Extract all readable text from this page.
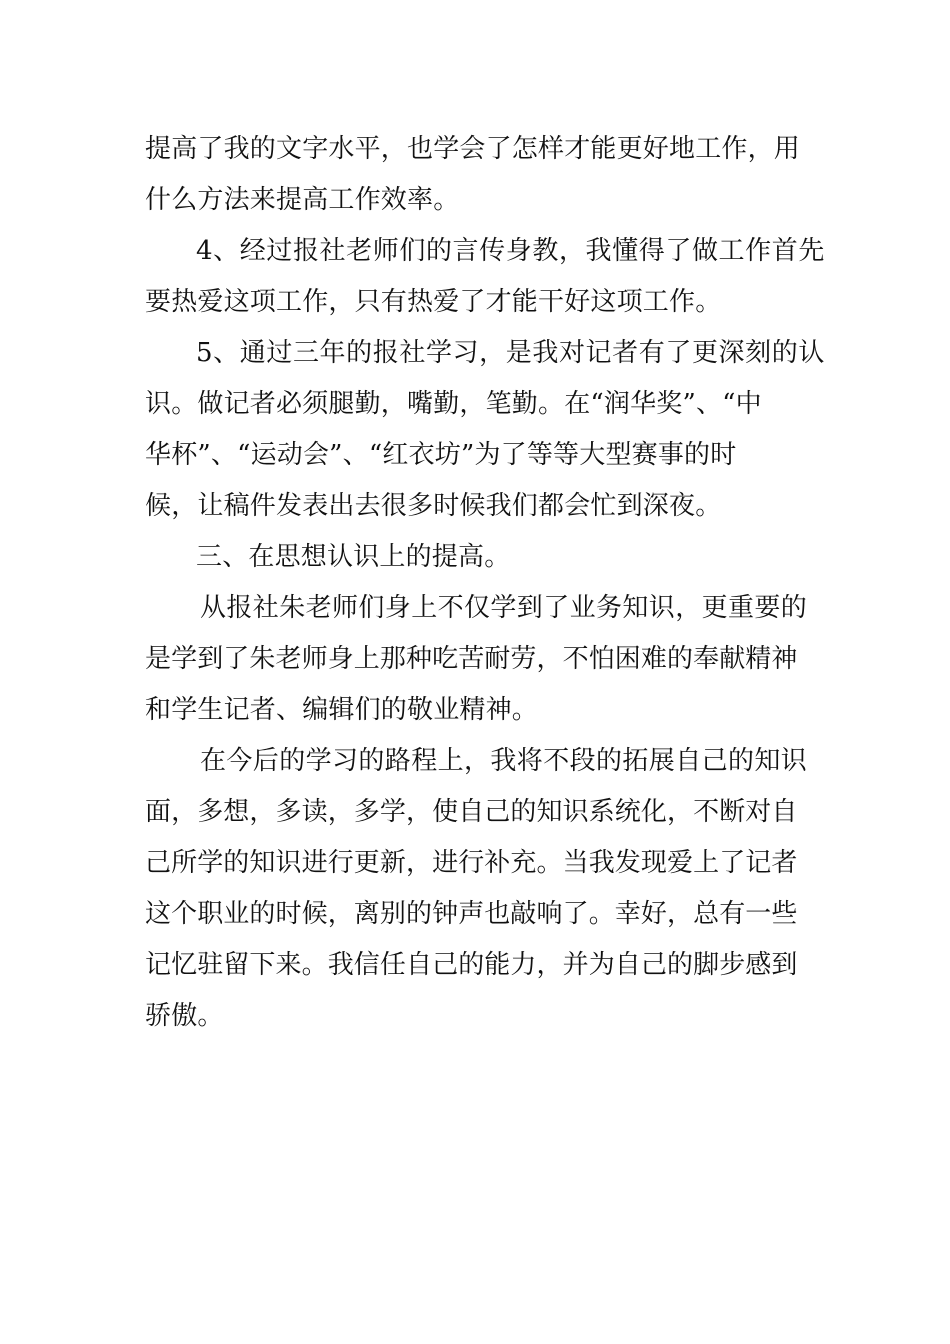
提高了我的文字水平，也学会了怎样才能更好地工作，用
什么方法来提高工作效率。
4、经过报社老师们的言传身教，我懂得了做工作首先
要热爱这项工作，只有热爱了才能干好这项工作。
5、通过三年的报社学习，是我对记者有了更深刻的认
识。做记者必须腿勤，嘴勤，笔勤。在“润华奖”、“中
华杯”、“运动会”、“红衣坊”为了等等大型赛事的时
候，让稿件发表出去很多时候我们都会忙到深夜。
三、在思想认识上的提高。
从报社朱老师们身上不仅学到了业务知识，更重要的
是学到了朱老师身上那种吃苦耐劳，不怕困难的奉献精神
和学生记者、编辑们的敬业精神。
在今后的学习的路程上，我将不段的拓展自己的知识
面，多想，多读，多学，使自己的知识系统化，不断对自
己所学的知识进行更新，进行补充。当我发现爱上了记者
这个职业的时候，离别的钟声也敲响了。幸好，总有一些
记忆驻留下来。我信任自己的能力，并为自己的脚步感到
骄傲。
